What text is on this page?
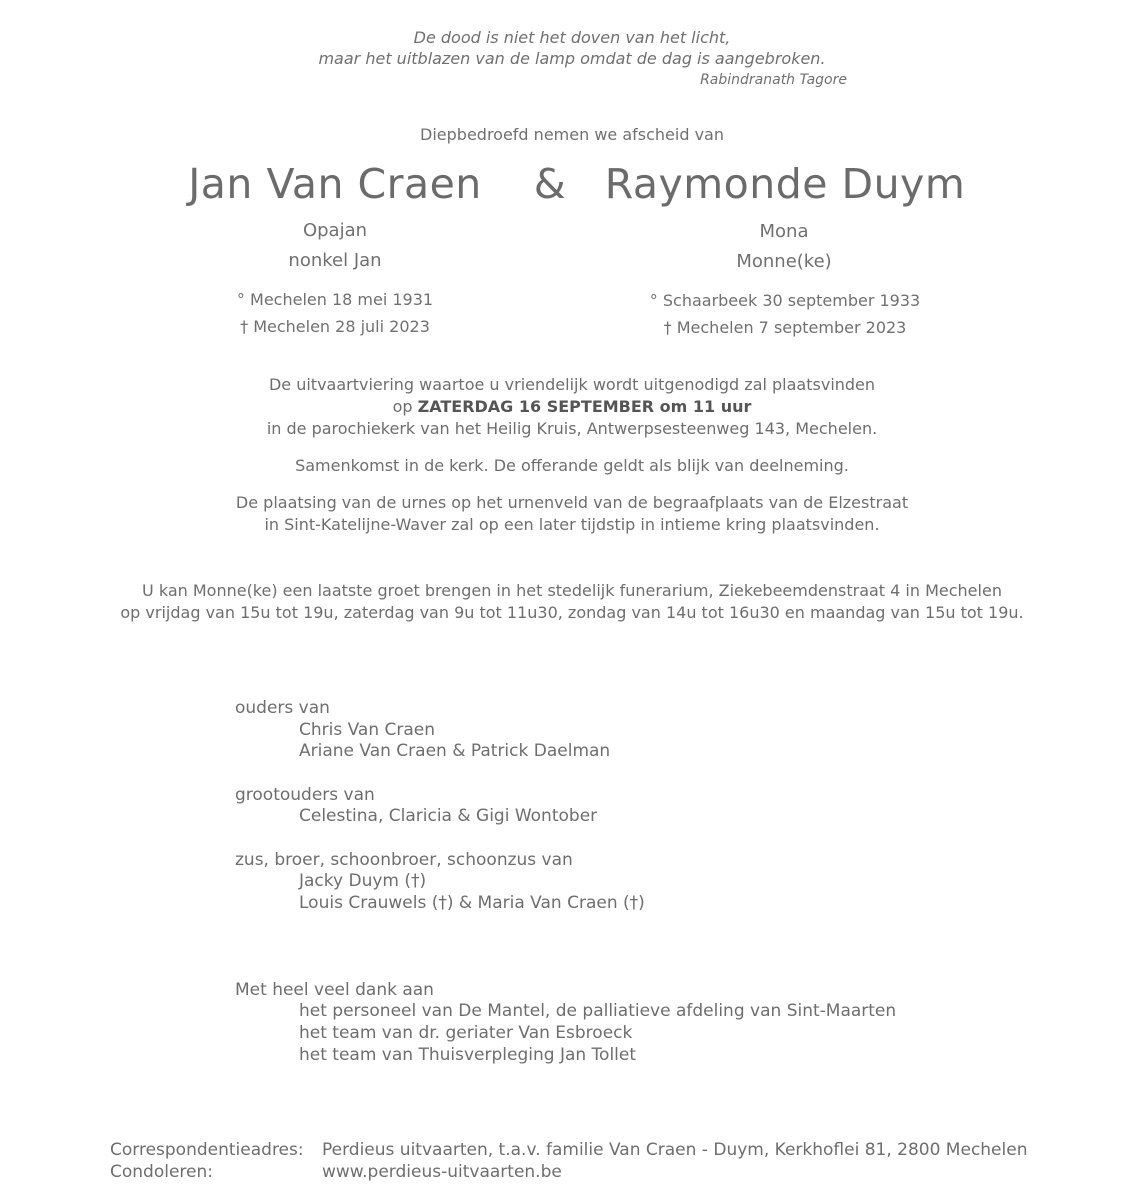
De dood is niet het doven van het licht,
maar het uitblazen van de lamp omdat de dag is aangebroken.
Rabindranath Tagore
Diepbedroefd nemen we afscheid van
Jan Van Craen	& Raymonde Duym
Opajan
nonkel Jan
° Mechelen 18 mei 1931
† Mechelen 28 juli 2023
Mona
Monne(ke)
° Schaarbeek 30 september 1933
† Mechelen 7 september 2023
De uitvaartviering waartoe u vriendelijk wordt uitgenodigd zal plaatsvinden
op ZATERDAG 16 SEPTEMBER om 11 uur
in de parochiekerk van het Heilig Kruis, Antwerpsesteenweg 143, Mechelen.
Samenkomst in de kerk. De offerande geldt als blijk van deelneming.
De plaatsing van de urnes op het urnenveld van de begraafplaats van de Elzestraat
in Sint-Katelijne-Waver zal op een later tijdstip in intieme kring plaatsvinden.
U kan Monne(ke) een laatste groet brengen in het stedelijk funerarium, Ziekebeemdenstraat 4 in Mechelen
op vrijdag van 15u tot 19u, zaterdag van 9u tot 11u30, zondag van 14u tot 16u30 en maandag van 15u tot 19u.
ouders van
Chris Van Craen
Ariane Van Craen & Patrick Daelman
grootouders van
Celestina, Claricia & Gigi Wontober
zus, broer, schoonbroer, schoonzus van
Jacky Duym (†)
Louis Crauwels (†) & Maria Van Craen (†)
Met heel veel dank aan
het personeel van De Mantel, de palliatieve afdeling van Sint-Maarten
het team van dr. geriater Van Esbroeck
het team van Thuisverpleging Jan Tollet
Correspondentieadres: Perdieus uitvaarten, t.a.v. familie Van Craen - Duym, Kerkhoflei 81, 2800 Mechelen
Condoleren:	www.perdieus-uitvaarten.be
